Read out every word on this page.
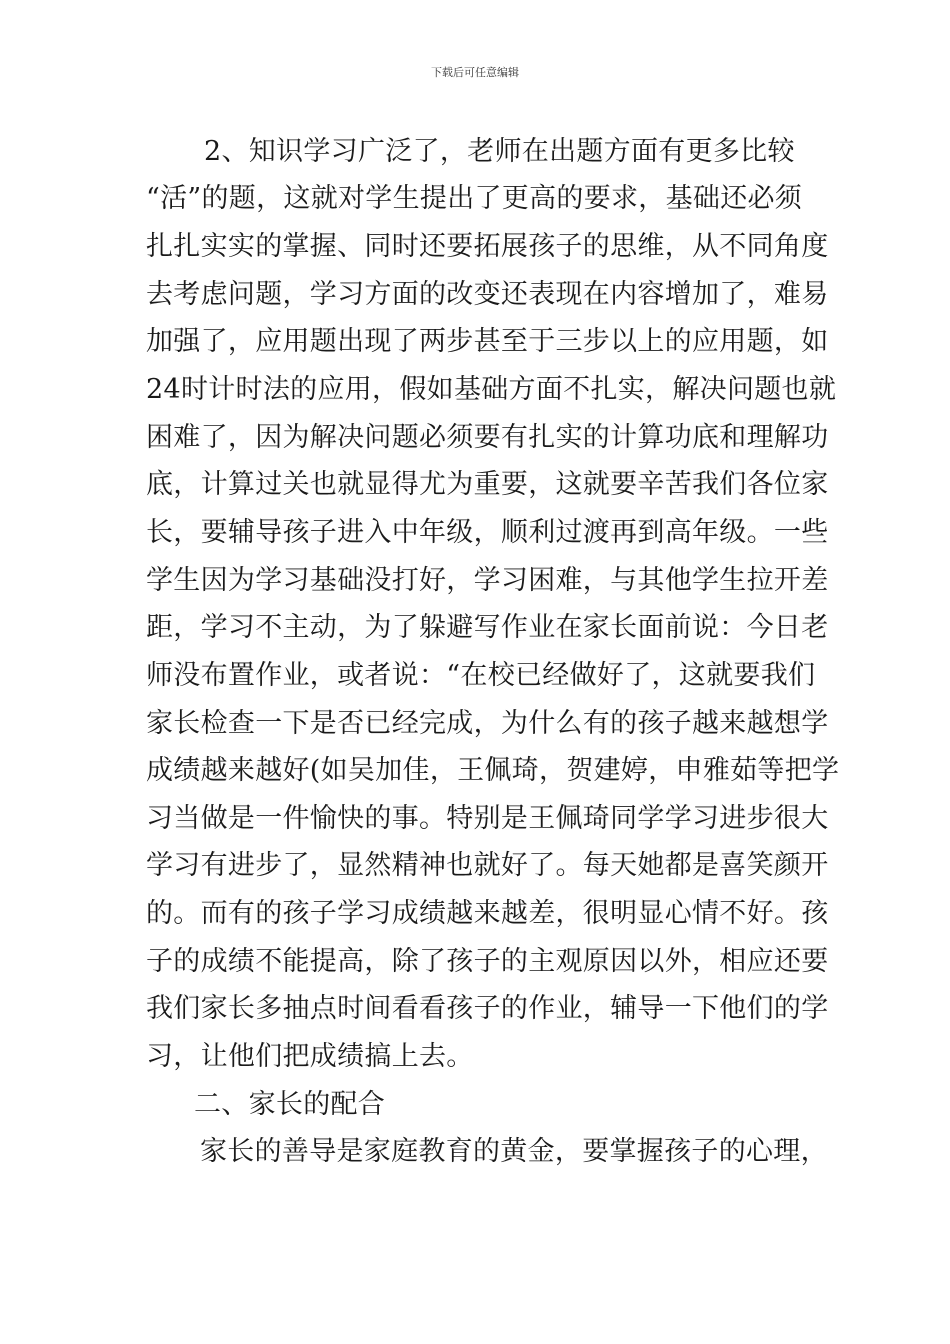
下载后可任意编辑
2、知识学习广泛了，老师在出题方面有更多比较
“活”的题，这就对学生提出了更高的要求，基础还必须
扎扎实实的掌握、同时还要拓展孩子的思维，从不同角度
去考虑问题，学习方面的改变还表现在内容增加了，难易
加强了，应用题出现了两步甚至于三步以上的应用题，如
24时计时法的应用，假如基础方面不扎实，解决问题也就
困难了，因为解决问题必须要有扎实的计算功底和理解功
底，计算过关也就显得尤为重要，这就要辛苦我们各位家
长，要辅导孩子进入中年级，顺利过渡再到高年级。一些
学生因为学习基础没打好，学习困难，与其他学生拉开差
距，学习不主动，为了躲避写作业在家长面前说：今日老
师没布置作业，或者说：“在校已经做好了，这就要我们
家长检查一下是否已经完成，为什么有的孩子越来越想学
成绩越来越好(如吴加佳，王佩琦，贺建婷，申雅茹等把学
习当做是一件愉快的事。特别是王佩琦同学学习进步很大
学习有进步了，显然精神也就好了。每天她都是喜笑颜开
的。而有的孩子学习成绩越来越差，很明显心情不好。孩
子的成绩不能提高，除了孩子的主观原因以外，相应还要
我们家长多抽点时间看看孩子的作业，辅导一下他们的学
习，让他们把成绩搞上去。
二、家长的配合
家长的善导是家庭教育的黄金，要掌握孩子的心理，
